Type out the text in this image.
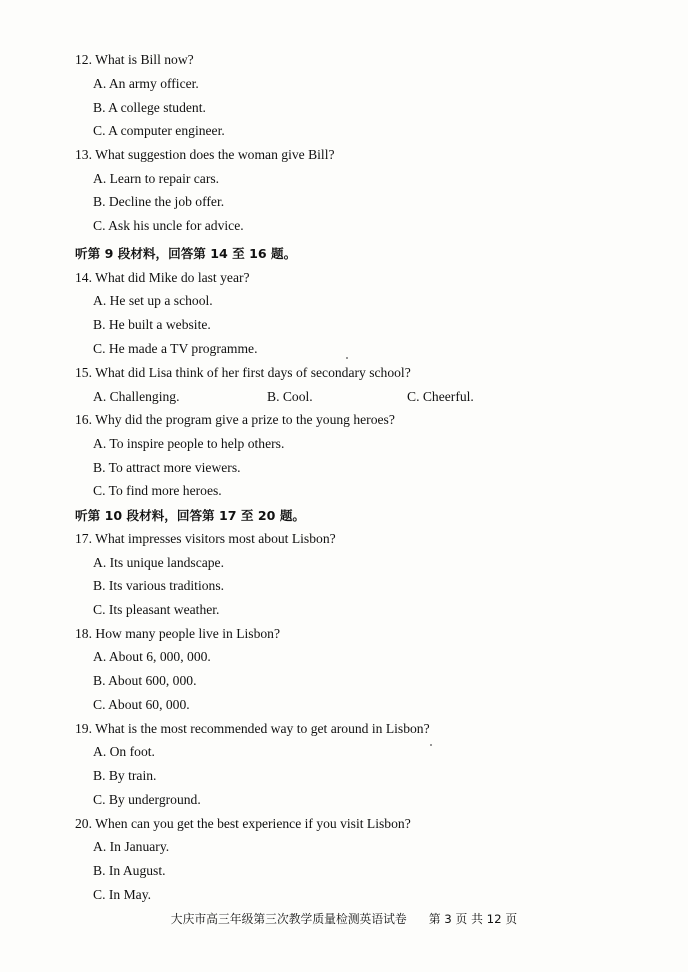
12. What is Bill now?
A. An army officer.
B. A college student.
C. A computer engineer.
13. What suggestion does the woman give Bill?
A. Learn to repair cars.
B. Decline the job offer.
C. Ask his uncle for advice.
听第 9 段材料，回答第 14 至 16 题。
14. What did Mike do last year?
A. He set up a school.
B. He built a website.
C. He made a TV programme.
15. What did Lisa think of her first days of secondary school?
A. Challenging.	B. Cool.	C. Cheerful.
16. Why did the program give a prize to the young heroes?
A. To inspire people to help others.
B. To attract more viewers.
C. To find more heroes.
听第 10 段材料，回答第 17 至 20 题。
17. What impresses visitors most about Lisbon?
A. Its unique landscape.
B. Its various traditions.
C. Its pleasant weather.
18. How many people live in Lisbon?
A. About 6, 000, 000.
B. About 600, 000.
C. About 60, 000.
19. What is the most recommended way to get around in Lisbon?
A. On foot.
B. By train.
C. By underground.
20. When can you get the best experience if you visit Lisbon?
A. In January.
B. In August.
C. In May.
大庆市高三年级第三次教学质量检测英语试卷 第 3 页 共 12 页
